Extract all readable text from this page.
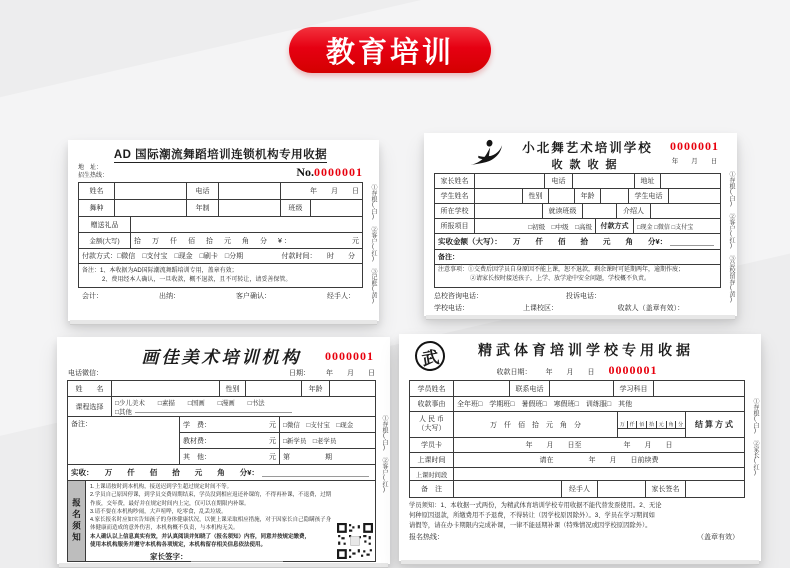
教育培训
AD 国际潮流舞蹈培训连锁机构专用收据
地　址：
招生热线：	No.0000001
姓名	电话	年　　月　　日
舞种	年制	班级
赠送礼品
金额(大写)	拾　万　仟　佰　拾　元　角　分　¥：	元
付款方式：□微信　□支付宝　□现金　□刷卡　□分期	付款时间：　　时　　分
备注：1、本收据为AD国际潮流舞蹈培训专用，盖章有效；
2、费用经本人确认，一旦收款，概不退款，且不可转让，请妥善保管。
会计：	出纳：	客户确认：	经手人：	①存根(白)　②客户(红)　③记账(黄)
小北舞艺术培训学校
收款收据
0000001
年　　月　　日
家长姓名	电话	地址
学生姓名	性别	年龄	学生电话
所在学校	就读班级	介绍人
所报项目	□初级　□中级　□高级	付款方式	□现金 □微信 □支付宝
实收金额（大写）：　　万　　仟　　佰　　拾　　元　　角　　分¥：
备注：
注意事项：①交费后因学员自身原因不能上课，恕不退款，剩余课时可延期两年，逾期作废；
②请家长按时接送孩子，上学、放学途中安全问题，学校概不负责。
总校咨询电话：	投诉电话：
学校电话：	上课校区：	收款人（盖章有效）：
①存根(白)　②客户(红)　③总校留存(黄)
画佳美术培训机构	0000001
电话微信：	日期： 年　　月　　日
姓　　名	性别	年龄
课程选择
□少儿美术　　□素描　　□国画　　□漫画　　□书法
□其他
备注：	学　费：	元	□微信　□支付宝　□现金
教材费：	元	□新学员　□老学员
其　他：	元	第　　　　　期
实收：　　万　　仟　　佰　　拾　　元　　角　　分¥：
报名须知
1.上课请按时到本机构，接送迟到学生超过规定时间不等。
2.学员自己原因停课，到学员交费周期结束，学员没到相应返还补课的，不得再补课，不退费，过期作废，交年费，最好并在规定时间内上完，仅可以在期限内补课。
3.请不要在本机构吵闹，大声喧哗，吃零食，乱丢垃圾。
4.家长报名时应如实告知孩子的身体健康状况，以便上课采取相应措施，对于因家长自己隐瞒孩子身体健康而造成的意外伤害，本机构概不负责，与本机构无关。
本人确认以上信息真实有效，并认真阅读并知晓了（报名须知）内容，同意并按规定缴费，
使用本机构服务并遵守本机构各项规定，本机构留存相关信息依法使用。
家长签字：
①存根(白)　②客户(红)
武	精武体育培训学校专用收据
收款日期： 年　　月　　日 0000001
学员姓名	联系电话	学习科目
收款事由	全年班□　学期班□　暑假班□　寒假班□　训练服□　其他
人 民 币
（大写）	万　仟　佰　拾　元　角　分	万 仟 佰 拾 元 角 分	结算方式
学员卡	年　　月　　日至　　　　　　年　　月　　日
上课时间	请在　　　　　年　　月　　日前续费
上课时间段
备　注	经手人	家长签名
学员须知：1、本收据一式两份，为精武体育培训学校专用收据不能代替发票使用。2、无论
何种原因退款，所缴费用不予退费，不得转让（因学校原因除外）。3、学员在学习期间如
请假等，请在办卡期限内完成补课，一律不能延期补课（特殊情况或因学校原因除外）。
报名热线：	（盖章有效）
①存根(白)　②家长(红)
